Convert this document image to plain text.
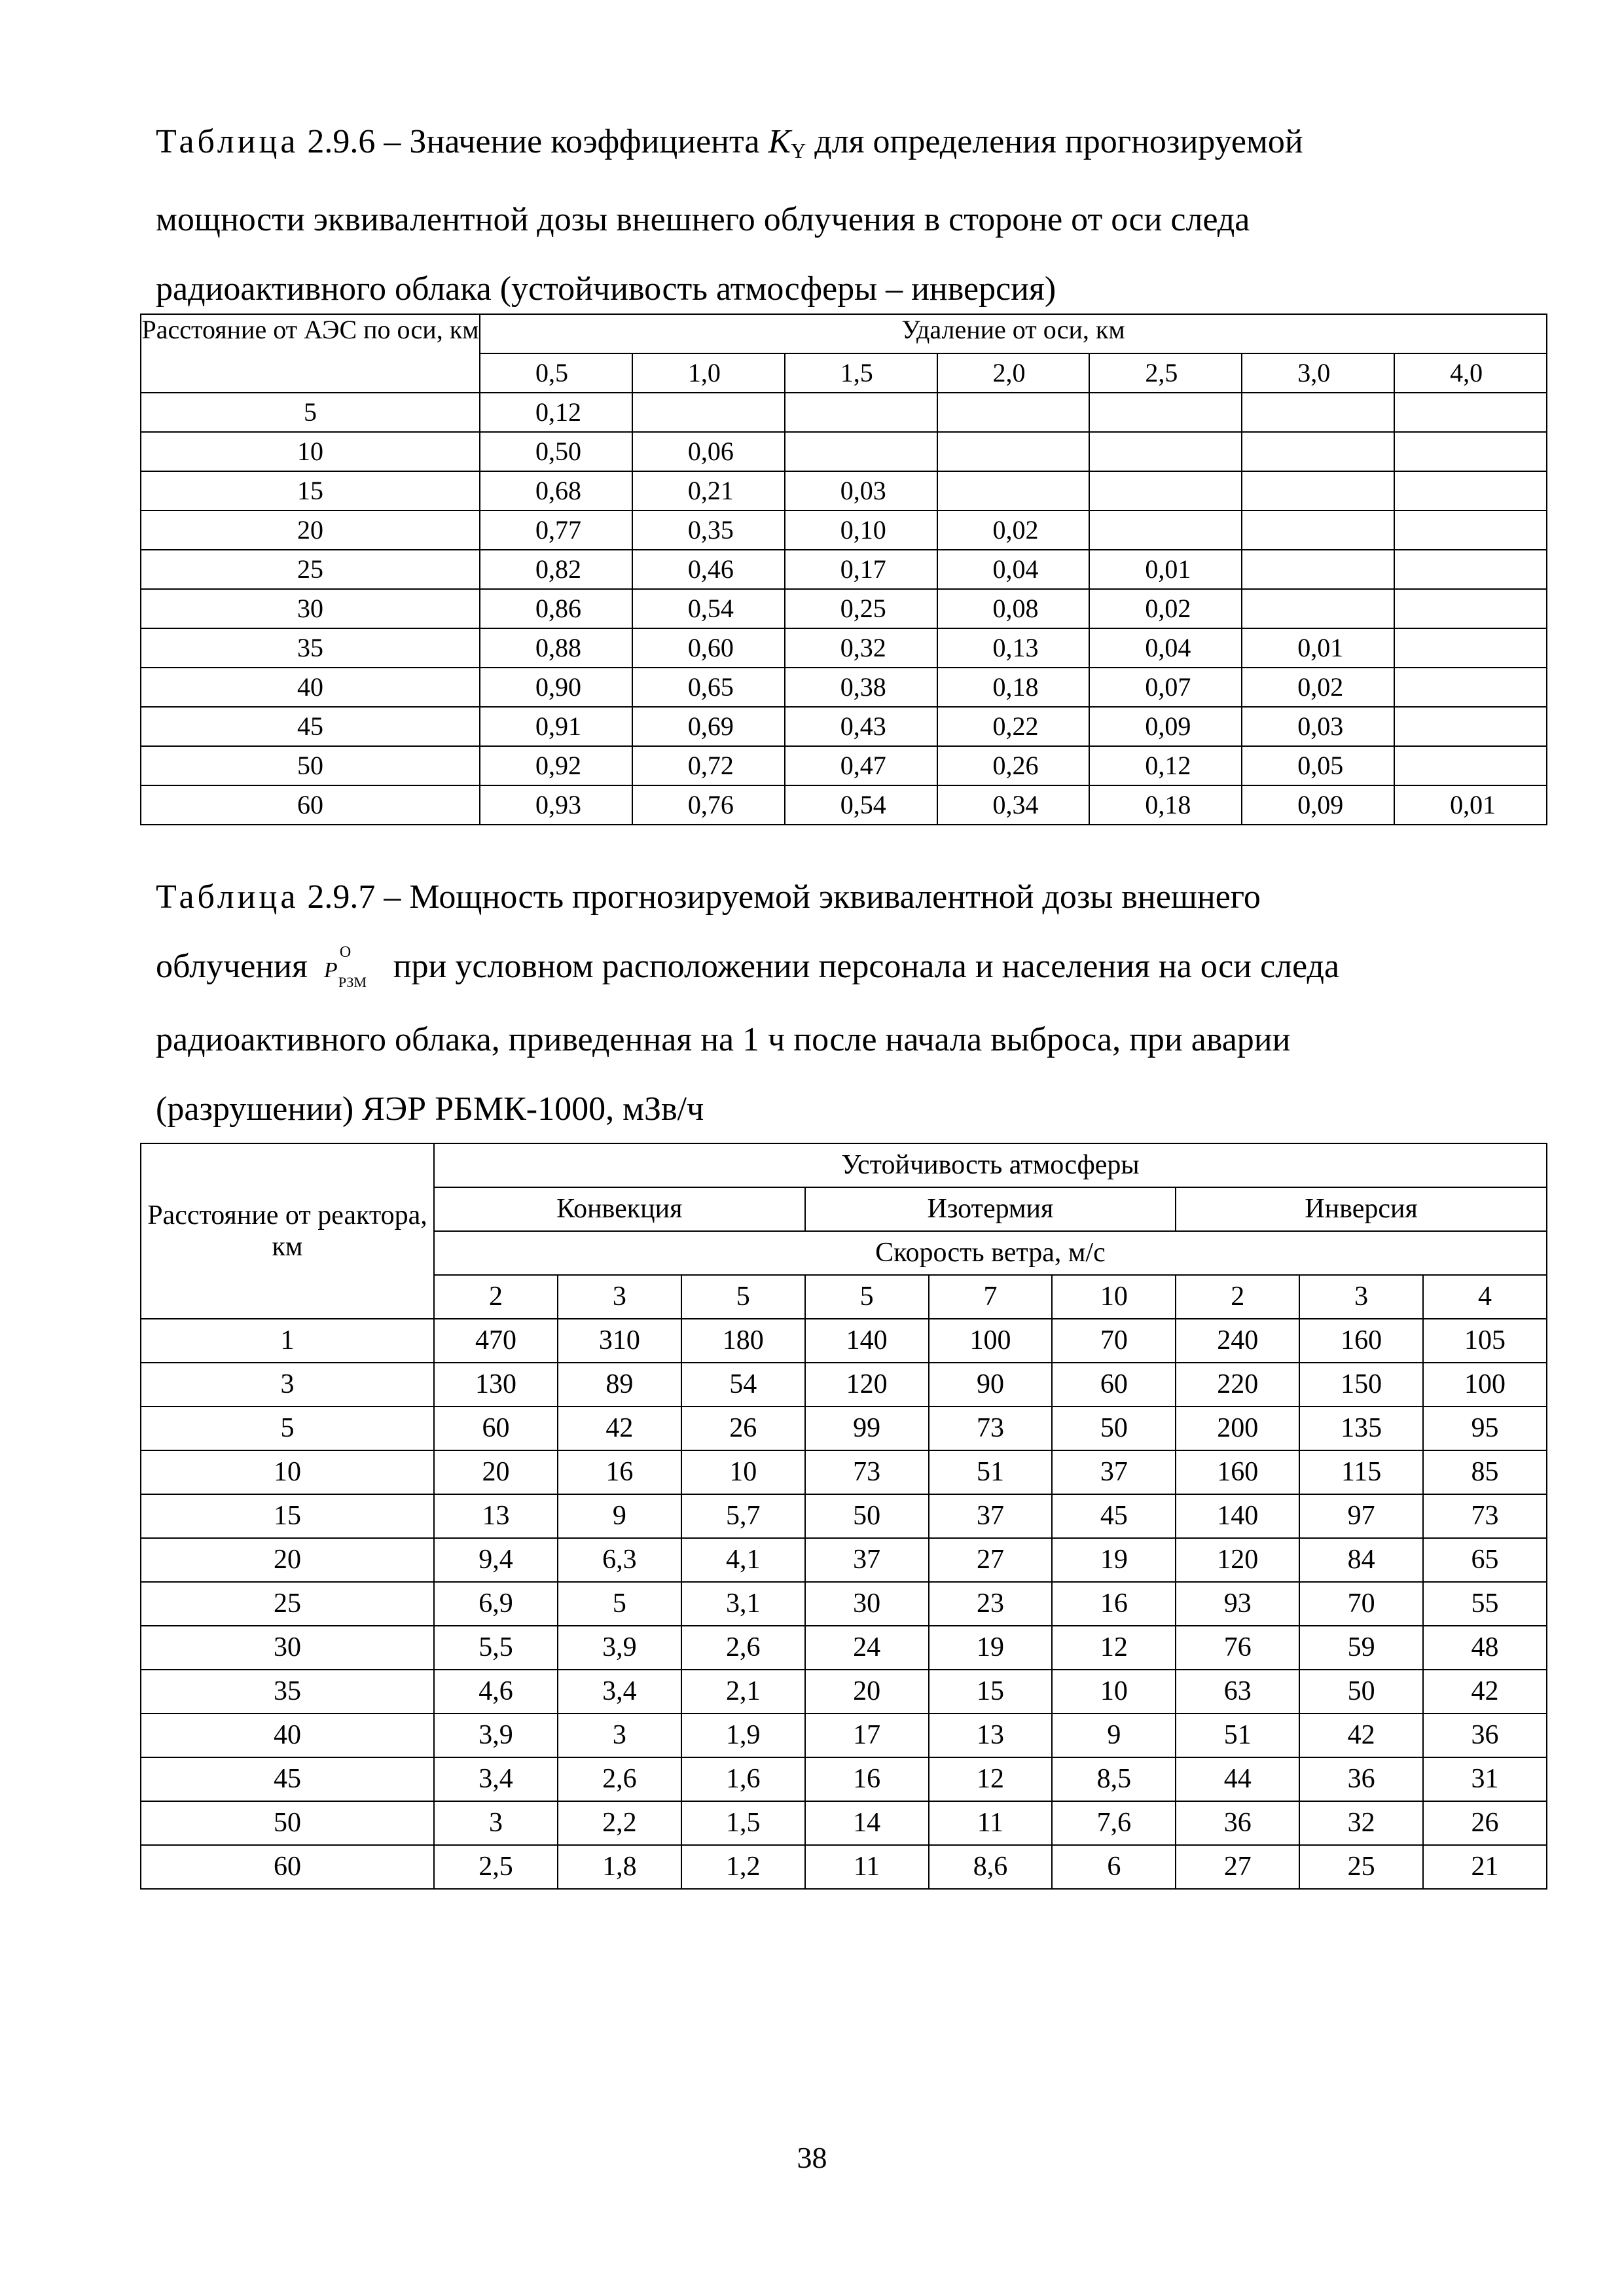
Таблица 2.9.6 – Значение коэффициента $K_Y$ для определения прогнозируемой
мощности эквивалентной дозы внешнего облучения в стороне от оси следа
радиоактивного облака (устойчивость атмосферы – инверсия)
Расстояние от АЭС по оси, км	Удаление от оси, км						
	0,5	1,0	1,5	2,0	2,5	3,0	4,0
5	0,12						
10	0,50	0,06					
15	0,68	0,21	0,03				
20	0,77	0,35	0,10	0,02			
25	0,82	0,46	0,17	0,04	0,01		
30	0,86	0,54	0,25	0,08	0,02		
35	0,88	0,60	0,32	0,13	0,04	0,01	
40	0,90	0,65	0,38	0,18	0,07	0,02	
45	0,91	0,69	0,43	0,22	0,09	0,03	
50	0,92	0,72	0,47	0,26	0,12	0,05	
60	0,93	0,76	0,54	0,34	0,18	0,09	0,01
Таблица 2.9.7 – Мощность прогнозируемой эквивалентной дозы внешнего
облучения P
О
РЗМ при условном расположении персонала и населения на оси следа
радиоактивного облака, приведенная на 1 ч после начала выброса, при аварии
(разрушении) ЯЭР РБМК-1000, мЗв/ч
Расстояние от реактора, км	Устойчивость атмосферы								
	Конвекция			Изотермия			Инверсия		
	Скорость ветра, м/с								
	2	3	5	5	7	10	2	3	4
1	470	310	180	140	100	70	240	160	105
3	130	89	54	120	90	60	220	150	100
5	60	42	26	99	73	50	200	135	95
10	20	16	10	73	51	37	160	115	85
15	13	9	5,7	50	37	45	140	97	73
20	9,4	6,3	4,1	37	27	19	120	84	65
25	6,9	5	3,1	30	23	16	93	70	55
30	5,5	3,9	2,6	24	19	12	76	59	48
35	4,6	3,4	2,1	20	15	10	63	50	42
40	3,9	3	1,9	17	13	9	51	42	36
45	3,4	2,6	1,6	16	12	8,5	44	36	31
50	3	2,2	1,5	14	11	7,6	36	32	26
60	2,5	1,8	1,2	11	8,6	6	27	25	21
38
